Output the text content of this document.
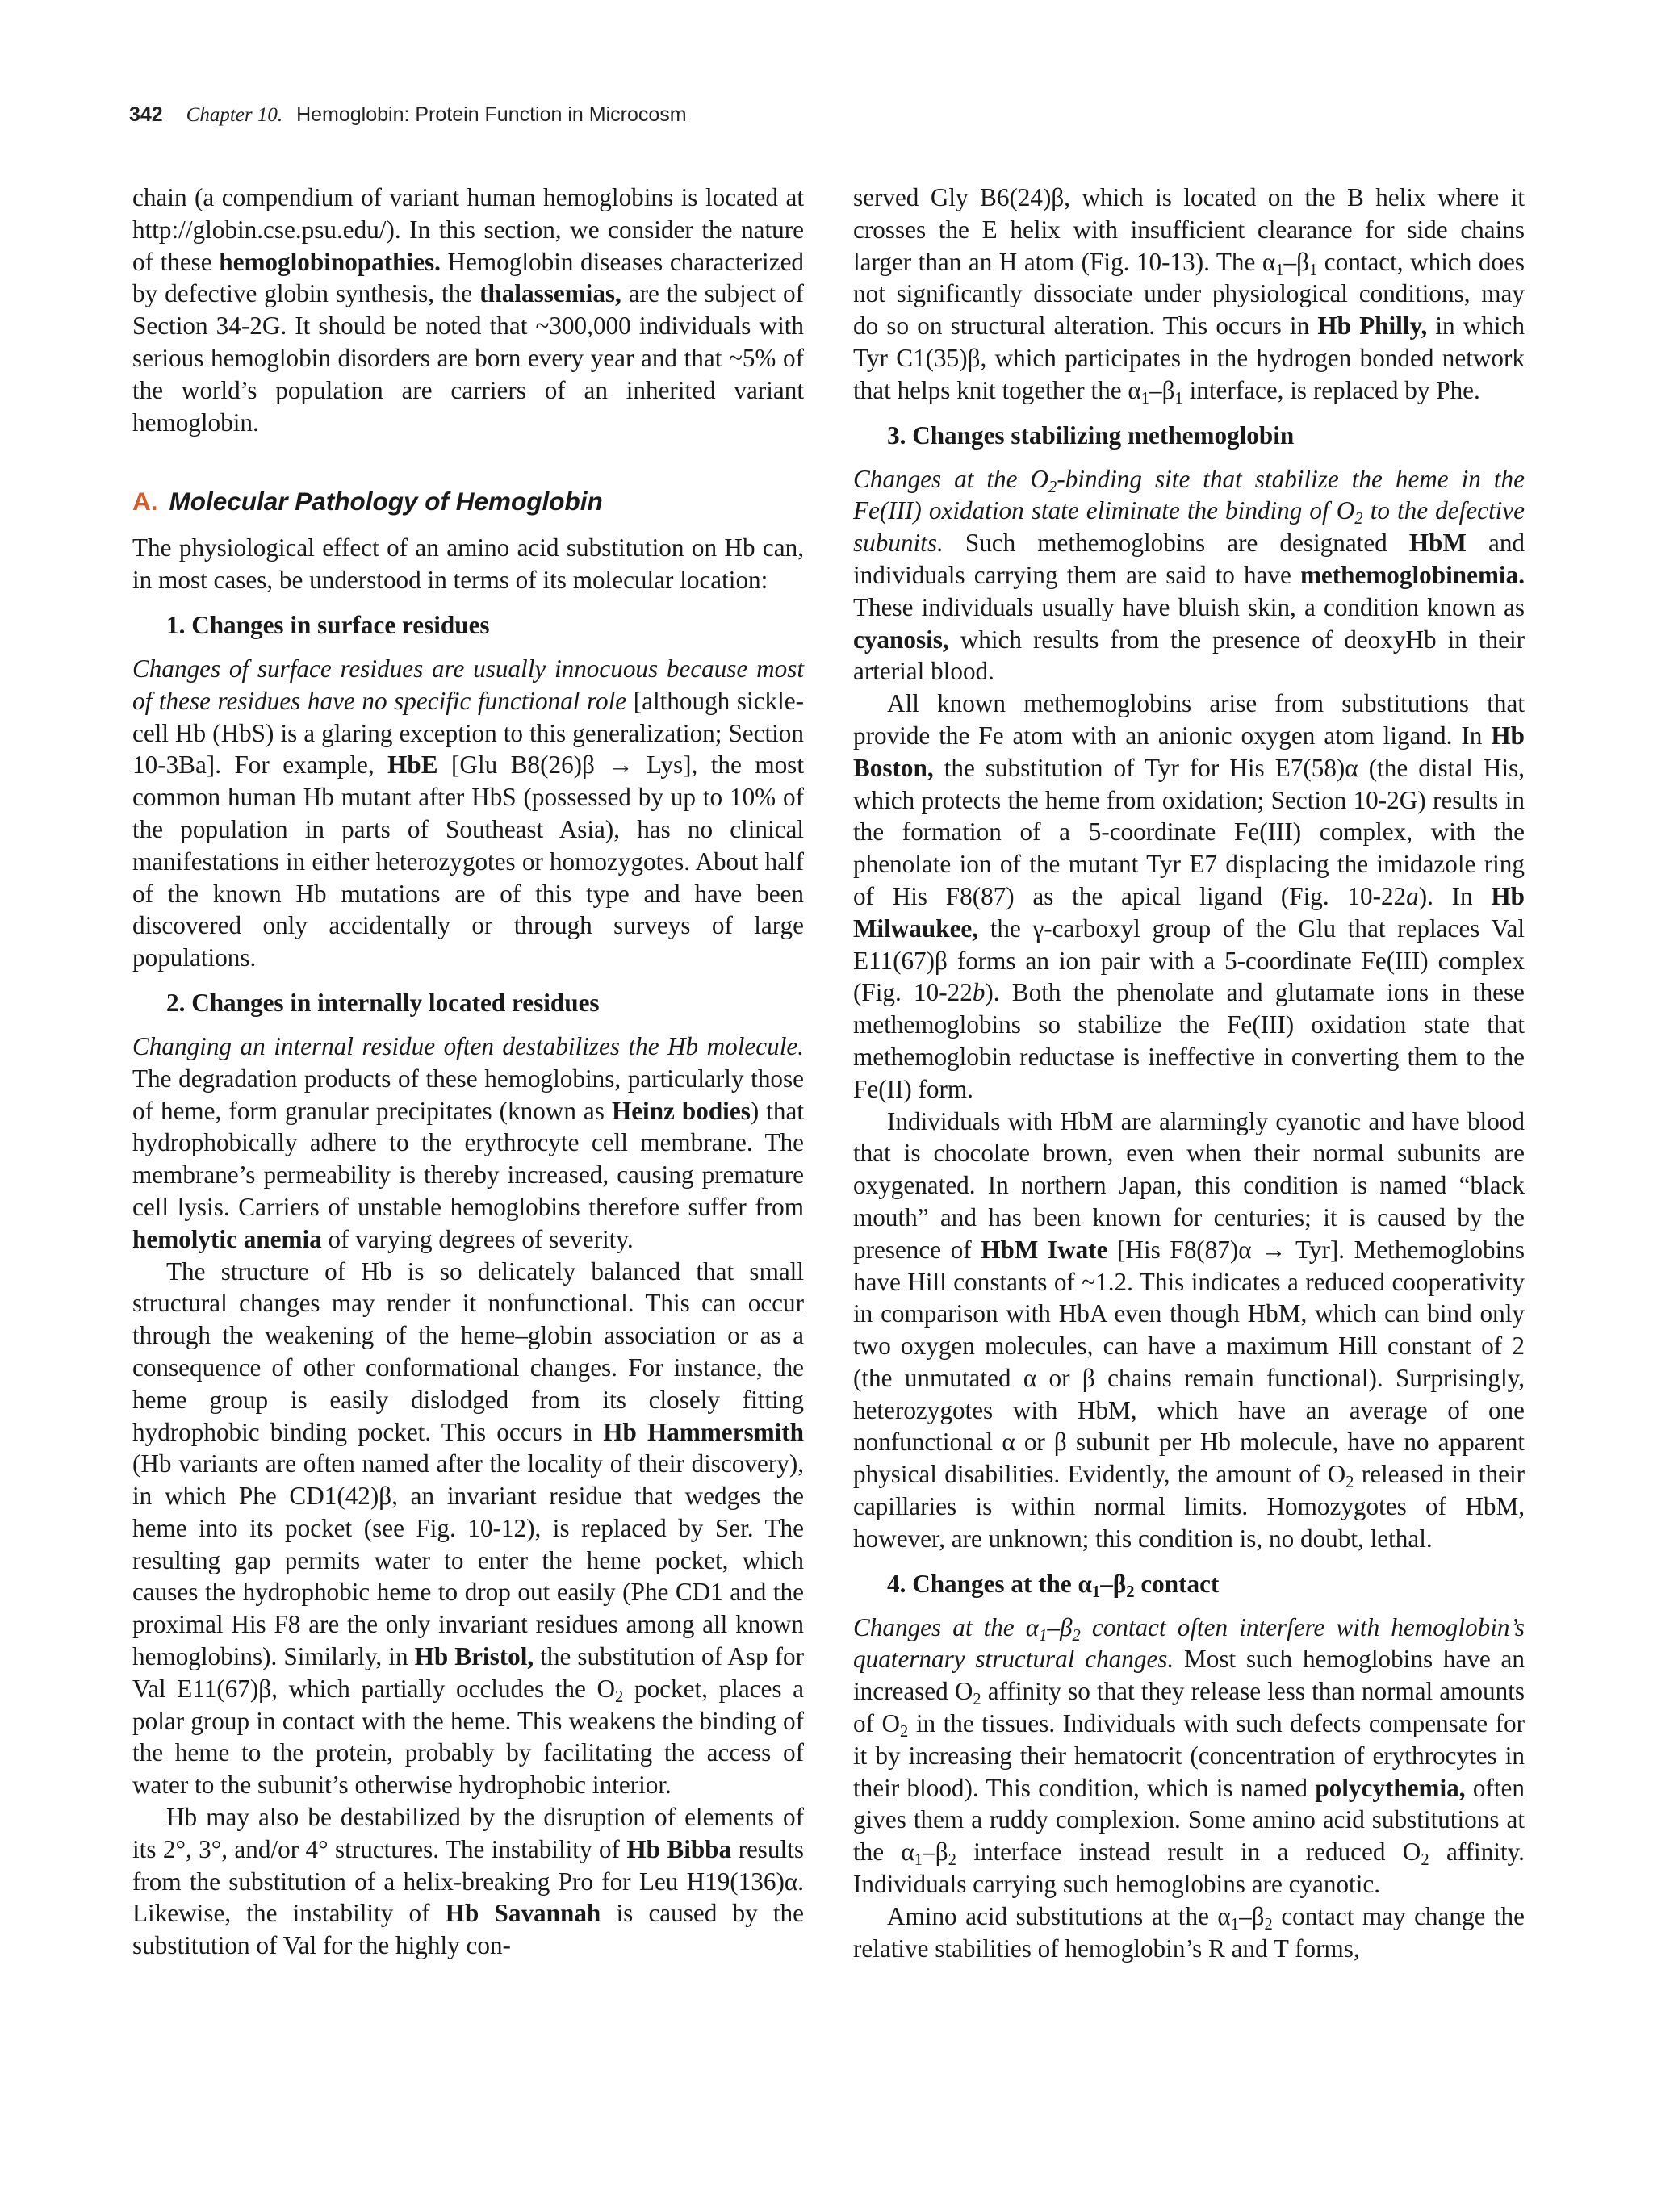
342 Chapter 10. Hemoglobin: Protein Function in Microcosm

chain (a compendium of variant human hemoglobins is located at http://globin.cse.psu.edu/). In this section, we consider the nature of these hemoglobinopathies. Hemoglobin diseases characterized by defective globin synthesis, the thalassemias, are the subject of Section 34-2G. It should be noted that ~300,000 individuals with serious hemoglobin disorders are born every year and that ~5% of the world’s population are carriers of an inherited variant hemoglobin.

A. Molecular Pathology of Hemoglobin

The physiological effect of an amino acid substitution on Hb can, in most cases, be understood in terms of its molecular location:

1. Changes in surface residues

Changes of surface residues are usually innocuous because most of these residues have no specific functional role [although sickle-cell Hb (HbS) is a glaring exception to this generalization; Section 10-3Ba]. For example, HbE [Glu B8(26)β → Lys], the most common human Hb mutant after HbS (possessed by up to 10% of the population in parts of Southeast Asia), has no clinical manifestations in either heterozygotes or homozygotes. About half of the known Hb mutations are of this type and have been discovered only accidentally or through surveys of large populations.

2. Changes in internally located residues

Changing an internal residue often destabilizes the Hb molecule. The degradation products of these hemoglobins, particularly those of heme, form granular precipitates (known as Heinz bodies) that hydrophobically adhere to the erythrocyte cell membrane. The membrane’s permeability is thereby increased, causing premature cell lysis. Carriers of unstable hemoglobins therefore suffer from hemolytic anemia of varying degrees of severity.

The structure of Hb is so delicately balanced that small structural changes may render it nonfunctional. This can occur through the weakening of the heme–globin association or as a consequence of other conformational changes. For instance, the heme group is easily dislodged from its closely fitting hydrophobic binding pocket. This occurs in Hb Hammersmith (Hb variants are often named after the locality of their discovery), in which Phe CD1(42)β, an invariant residue that wedges the heme into its pocket (see Fig. 10-12), is replaced by Ser. The resulting gap permits water to enter the heme pocket, which causes the hydrophobic heme to drop out easily (Phe CD1 and the proximal His F8 are the only invariant residues among all known hemoglobins). Similarly, in Hb Bristol, the substitution of Asp for Val E11(67)β, which partially occludes the $O_2$ pocket, places a polar group in contact with the heme. This weakens the binding of the heme to the protein, probably by facilitating the access of water to the subunit’s otherwise hydrophobic interior.

Hb may also be destabilized by the disruption of elements of its 2°, 3°, and/or 4° structures. The instability of Hb Bibba results from the substitution of a helix-breaking Pro for Leu H19(136)α. Likewise, the instability of Hb Savannah is caused by the substitution of Val for the highly con-

served Gly B6(24)β, which is located on the B helix where it crosses the E helix with insufficient clearance for side chains larger than an H atom (Fig. 10-13). The $\alpha_1-\beta_1$ contact, which does not significantly dissociate under physiological conditions, may do so on structural alteration. This occurs in Hb Philly, in which Tyr C1(35)β, which participates in the hydrogen bonded network that helps knit together the $\alpha_1-\beta_1$ interface, is replaced by Phe.

3. Changes stabilizing methemoglobin

Changes at the $O_2$-binding site that stabilize the heme in the Fe(III) oxidation state eliminate the binding of $O_2$ to the defective subunits. Such methemoglobins are designated HbM and individuals carrying them are said to have methemoglobinemia. These individuals usually have bluish skin, a condition known as cyanosis, which results from the presence of deoxyHb in their arterial blood.

All known methemoglobins arise from substitutions that provide the Fe atom with an anionic oxygen atom ligand. In Hb Boston, the substitution of Tyr for His E7(58)α (the distal His, which protects the heme from oxidation; Section 10-2G) results in the formation of a 5-coordinate Fe(III) complex, with the phenolate ion of the mutant Tyr E7 displacing the imidazole ring of His F8(87) as the apical ligand (Fig. 10-22a). In Hb Milwaukee, the γ-carboxyl group of the Glu that replaces Val E11(67)β forms an ion pair with a 5-coordinate Fe(III) complex (Fig. 10-22b). Both the phenolate and glutamate ions in these methemoglobins so stabilize the Fe(III) oxidation state that methemoglobin reductase is ineffective in converting them to the Fe(II) form.

Individuals with HbM are alarmingly cyanotic and have blood that is chocolate brown, even when their normal subunits are oxygenated. In northern Japan, this condition is named “black mouth” and has been known for centuries; it is caused by the presence of HbM Iwate [His F8(87)α → Tyr]. Methemoglobins have Hill constants of ~1.2. This indicates a reduced cooperativity in comparison with HbA even though HbM, which can bind only two oxygen molecules, can have a maximum Hill constant of 2 (the unmutated α or β chains remain functional). Surprisingly, heterozygotes with HbM, which have an average of one nonfunctional α or β subunit per Hb molecule, have no apparent physical disabilities. Evidently, the amount of $O_2$ released in their capillaries is within normal limits. Homozygotes of HbM, however, are unknown; this condition is, no doubt, lethal.

4. Changes at the $\alpha_1-\beta_2$ contact

Changes at the $\alpha_1-\beta_2$ contact often interfere with hemoglobin’s quaternary structural changes. Most such hemoglobins have an increased $O_2$ affinity so that they release less than normal amounts of $O_2$ in the tissues. Individuals with such defects compensate for it by increasing their hematocrit (concentration of erythrocytes in their blood). This condition, which is named polycythemia, often gives them a ruddy complexion. Some amino acid substitutions at the $\alpha_1-\beta_2$ interface instead result in a reduced $O_2$ affinity. Individuals carrying such hemoglobins are cyanotic.

Amino acid substitutions at the $\alpha_1-\beta_2$ contact may change the relative stabilities of hemoglobin’s R and T forms,
